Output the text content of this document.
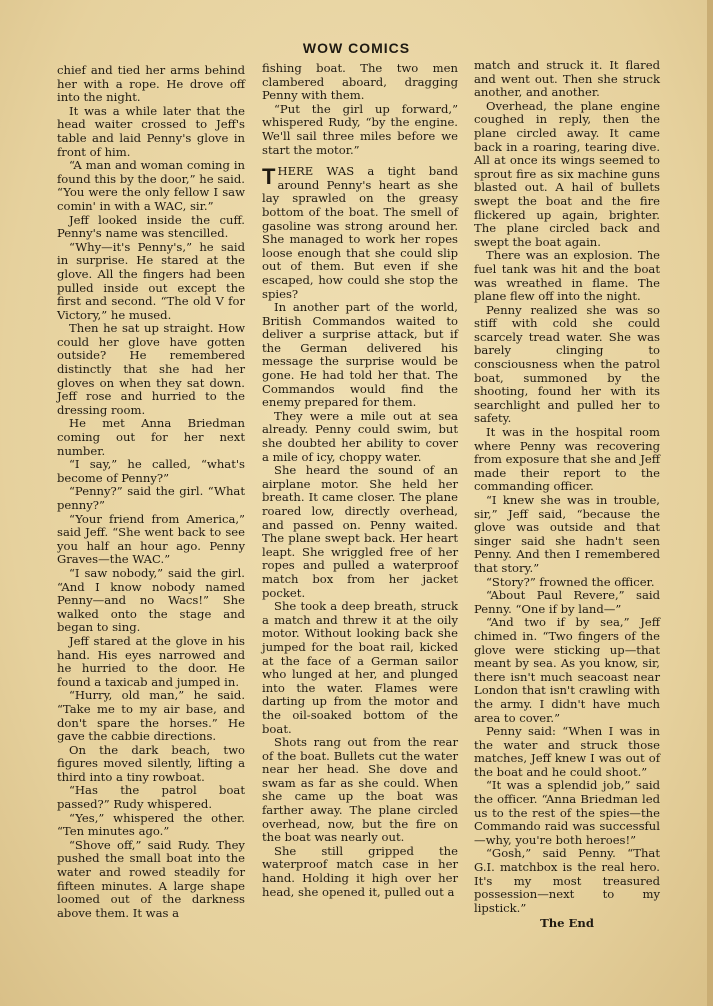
WOW COMICS

chief and tied her arms behind her with a rope. He drove off into the night.

It was a while later that the head waiter crossed to Jeff's table and laid Penny's glove in front of him.

“A man and woman coming in found this by the door,” he said. “You were the only fellow I saw comin' in with a WAC, sir.”

Jeff looked inside the cuff. Penny's name was stencilled.

“Why—it's Penny's,” he said in surprise. He stared at the glove. All the fingers had been pulled inside out except the first and second. “The old V for Victory,” he mused.

Then he sat up straight. How could her glove have gotten outside? He remembered distinctly that she had her gloves on when they sat down. Jeff rose and hurried to the dressing room.

He met Anna Briedman coming out for her next number.

“I say,” he called, “what's become of Penny?”

“Penny?” said the girl. “What penny?”

“Your friend from America,” said Jeff. “She went back to see you half an hour ago. Penny Graves—the WAC.”

“I saw nobody,” said the girl. “And I know nobody named Penny—and no Wacs!” She walked onto the stage and began to sing.

Jeff stared at the glove in his hand. His eyes narrowed and he hurried to the door. He found a taxicab and jumped in.

“Hurry, old man,” he said. “Take me to my air base, and don't spare the horses.” He gave the cabbie directions.

On the dark beach, two figures moved silently, lifting a third into a tiny rowboat.

“Has the patrol boat passed?” Rudy whispered.

“Yes,” whispered the other. “Ten minutes ago.”

“Shove off,” said Rudy. They pushed the small boat into the water and rowed steadily for fifteen minutes. A large shape loomed out of the darkness above them. It was a

fishing boat. The two men clambered aboard, dragging Penny with them.

“Put the girl up forward,” whispered Rudy, “by the engine. We'll sail three miles before we start the motor.”

THERE WAS a tight band around Penny's heart as she lay sprawled on the greasy bottom of the boat. The smell of gasoline was strong around her. She managed to work her ropes loose enough that she could slip out of them. But even if she escaped, how could she stop the spies?

In another part of the world, British Commandos waited to deliver a surprise attack, but if the German delivered his message the surprise would be gone. He had told her that. The Commandos would find the enemy prepared for them.

They were a mile out at sea already. Penny could swim, but she doubted her ability to cover a mile of icy, choppy water.

She heard the sound of an airplane motor. She held her breath. It came closer. The plane roared low, directly overhead, and passed on. Penny waited. The plane swept back. Her heart leapt. She wriggled free of her ropes and pulled a waterproof match box from her jacket pocket.

She took a deep breath, struck a match and threw it at the oily motor. Without looking back she jumped for the boat rail, kicked at the face of a German sailor who lunged at her, and plunged into the water. Flames were darting up from the motor and the oil-soaked bottom of the boat.

Shots rang out from the rear of the boat. Bullets cut the water near her head. She dove and swam as far as she could. When she came up the boat was farther away. The plane circled overhead, now, but the fire on the boat was nearly out.

She still gripped the waterproof match case in her hand. Holding it high over her head, she opened it, pulled out a

match and struck it. It flared and went out. Then she struck another, and another.

Overhead, the plane engine coughed in reply, then the plane circled away. It came back in a roaring, tearing dive. All at once its wings seemed to sprout fire as six machine guns blasted out. A hail of bullets swept the boat and the fire flickered up again, brighter. The plane circled back and swept the boat again.

There was an explosion. The fuel tank was hit and the boat was wreathed in flame. The plane flew off into the night.

Penny realized she was so stiff with cold she could scarcely tread water. She was barely clinging to consciousness when the patrol boat, summoned by the shooting, found her with its searchlight and pulled her to safety.

It was in the hospital room where Penny was recovering from exposure that she and Jeff made their report to the commanding officer.

“I knew she was in trouble, sir,” Jeff said, “because the glove was outside and that singer said she hadn't seen Penny. And then I remembered that story.”

“Story?” frowned the officer.

“About Paul Revere,” said Penny. “One if by land—”

“And two if by sea,” Jeff chimed in. “Two fingers of the glove were sticking up—that meant by sea. As you know, sir, there isn't much seacoast near London that isn't crawling with the army. I didn't have much area to cover.”

Penny said: “When I was in the water and struck those matches, Jeff knew I was out of the boat and he could shoot.”

“It was a splendid job,” said the officer. “Anna Briedman led us to the rest of the spies—the Commando raid was successful—why, you're both heroes!”

“Gosh,” said Penny. “That G.I. matchbox is the real hero. It's my most treasured possession—next to my lipstick.”

The End
